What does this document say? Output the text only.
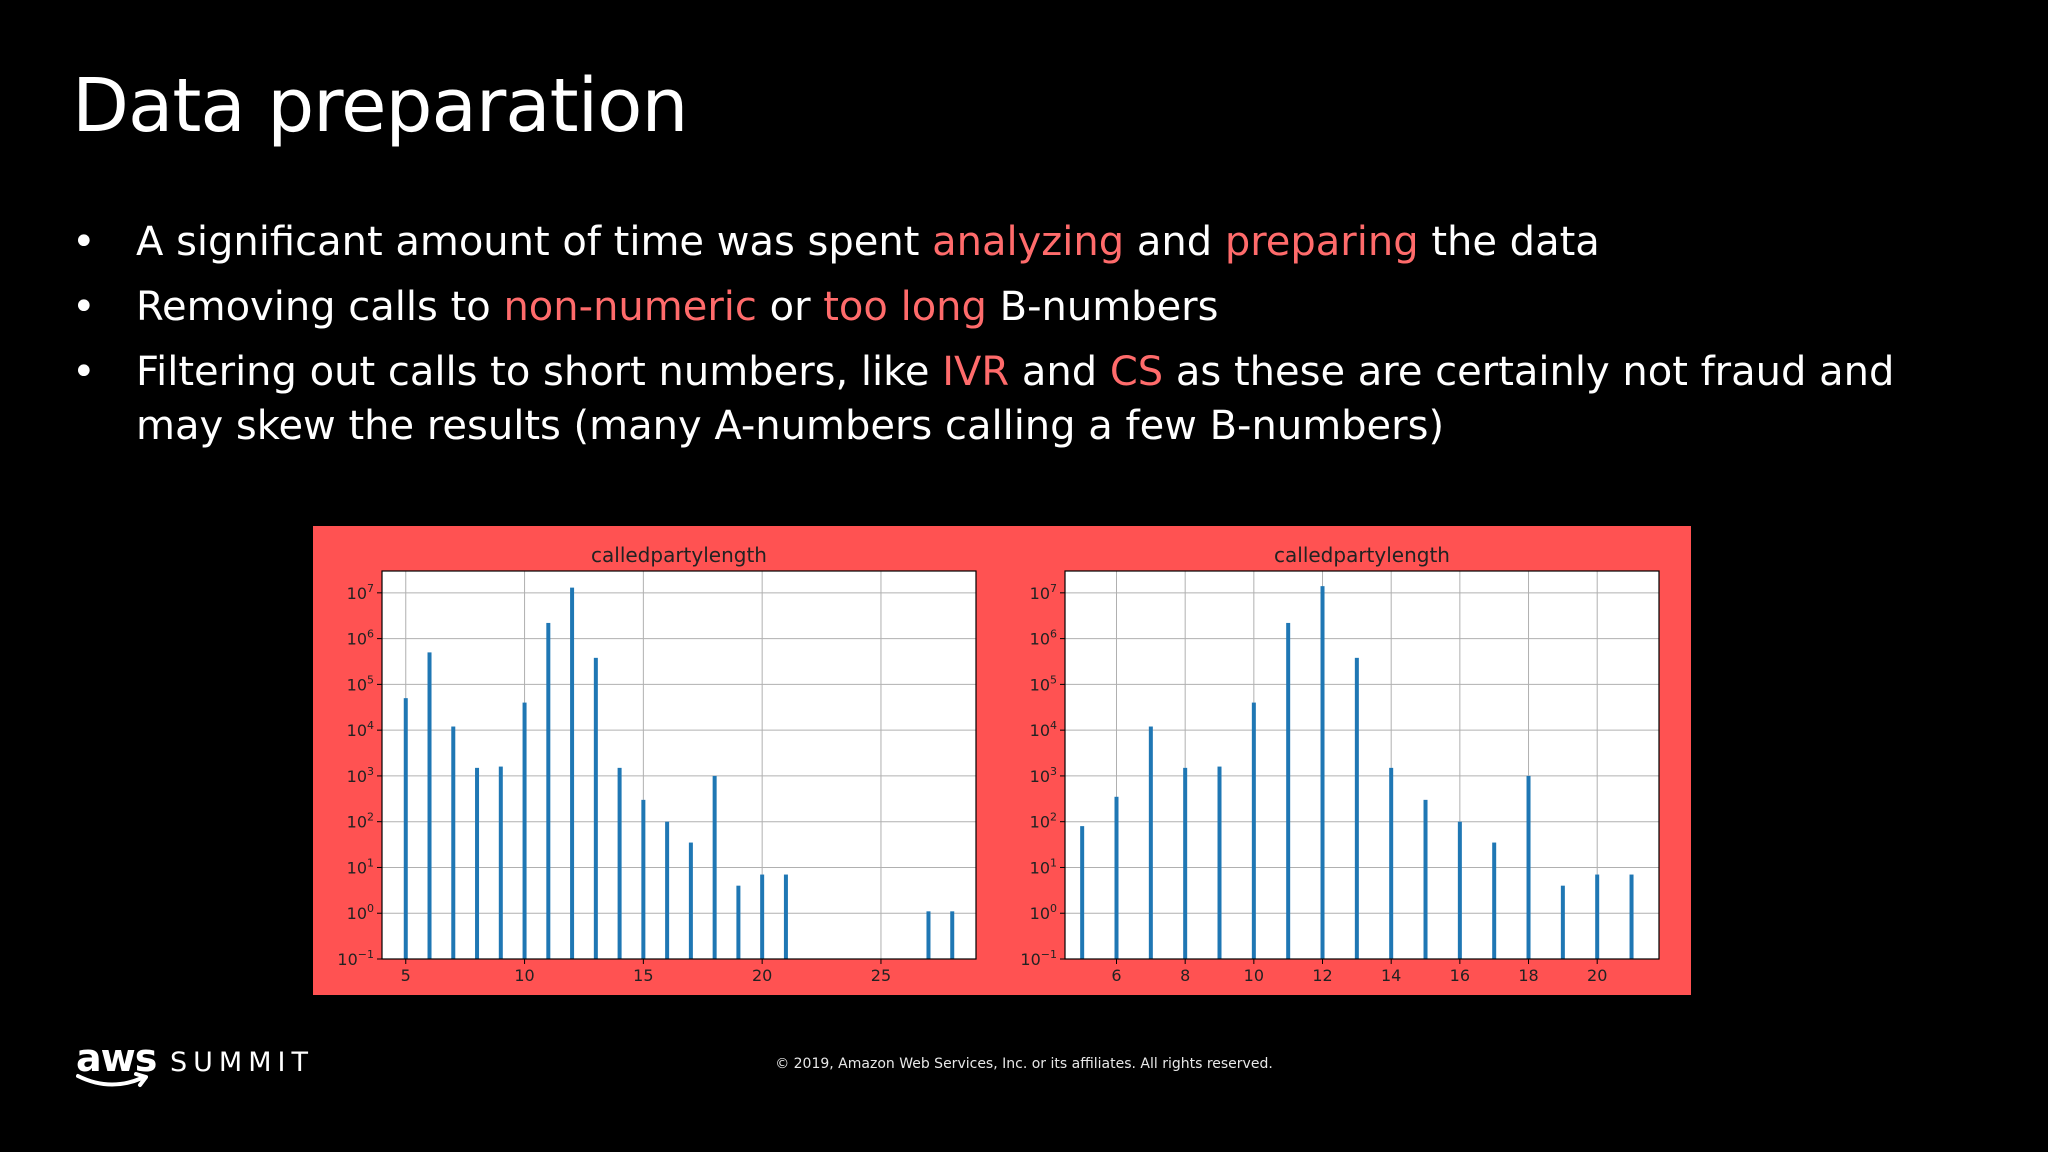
Data preparation
• A significant amount of time was spent analyzing and preparing the data
• Removing calls to non-numeric or too long B-numbers
• Filtering out calls to short numbers, like IVR and CS as these are certainly not fraud and may skew the results (many A-numbers calling a few B-numbers)
5	10	15	20	25
$10^{-1}$
$10^0$
$10^1$
$10^2$
$10^3$
$10^4$
$10^5$
$10^6$
$10^7$
calledpartylength
6	8	10	12	14	16	18	20
$10^{-1}$
$10^0$
$10^1$
$10^2$
$10^3$
$10^4$
$10^5$
$10^6$
$10^7$
calledpartylength
aws SUMMIT	© 2019, Amazon Web Services, Inc. or its affiliates. All rights reserved.
